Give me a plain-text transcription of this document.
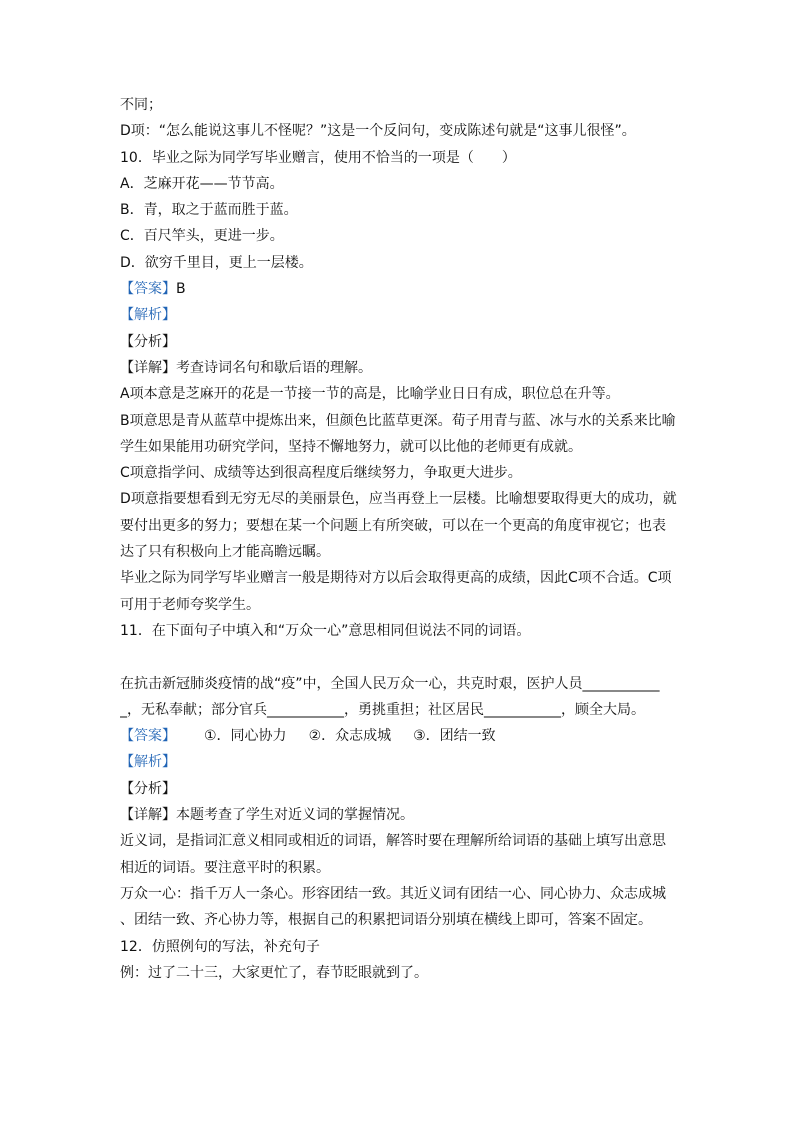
不同；
D项：“怎么能说这事儿不怪呢？”这是一个反问句，变成陈述句就是“这事儿很怪”。
10．毕业之际为同学写毕业赠言，使用不恰当的一项是（　　）
A．芝麻开花——节节高。
B．青，取之于蓝而胜于蓝。
C．百尺竿头，更进一步。
D．欲穷千里目，更上一层楼。
【答案】B
【解析】
【分析】
【详解】考查诗词名句和歇后语的理解。
A项本意是芝麻开的花是一节接一节的高是，比喻学业日日有成，职位总在升等。
B项意思是青从蓝草中提炼出来，但颜色比蓝草更深。荀子用青与蓝、冰与水的关系来比喻
学生如果能用功研究学问，坚持不懈地努力，就可以比他的老师更有成就。
C项意指学问、成绩等达到很高程度后继续努力，争取更大进步。
D项意指要想看到无穷无尽的美丽景色，应当再登上一层楼。比喻想要取得更大的成功，就
要付出更多的努力；要想在某一个问题上有所突破，可以在一个更高的角度审视它；也表
达了只有积极向上才能高瞻远瞩。
毕业之际为同学写毕业赠言一般是期待对方以后会取得更高的成绩，因此C项不合适。C项
可用于老师夸奖学生。
11．在下面句子中填入和“万众一心”意思相同但说法不同的词语。
在抗击新冠肺炎疫情的战“疫”中，全国人民万众一心，共克时艰，医护人员___________
_，无私奉献；部分官兵___________，勇挑重担；社区居民___________，顾全大局。
【答案】 ①．同心协力 ②．众志成城 ③．团结一致
【解析】
【分析】
【详解】本题考查了学生对近义词的掌握情况。
近义词，是指词汇意义相同或相近的词语，解答时要在理解所给词语的基础上填写出意思
相近的词语。要注意平时的积累。
万众一心：指千万人一条心。形容团结一致。其近义词有团结一心、同心协力、众志成城
、团结一致、齐心协力等，根据自己的积累把词语分别填在横线上即可，答案不固定。
12．仿照例句的写法，补充句子
例：过了二十三，大家更忙了，春节眨眼就到了。
